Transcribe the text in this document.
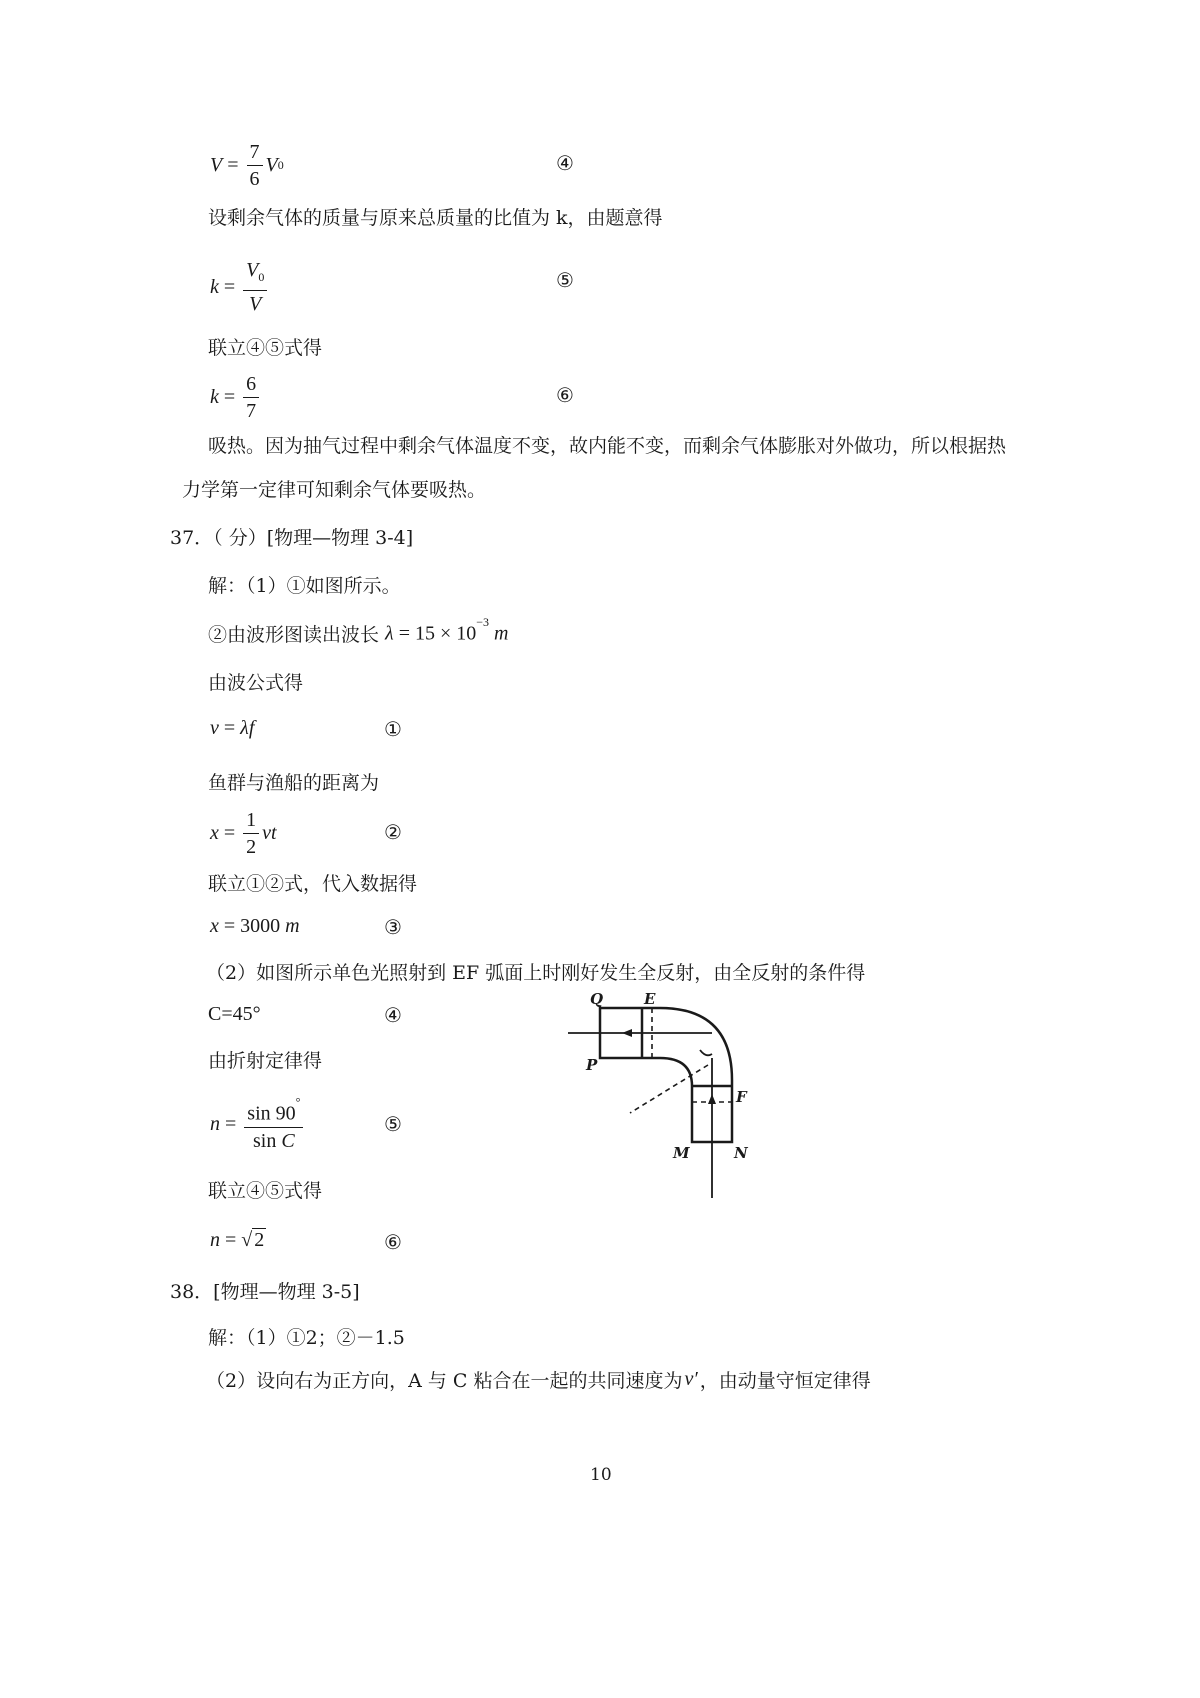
$V = \frac{7}{6}$ V 0	④
设剩余气体的质量与原来总质量的比值为 k，由题意得
$k = \frac{V_0}{V}$	⑤
联立④⑤式得
$k = \frac{6}{7}$	⑥
吸热。因为抽气过程中剩余气体温度不变，故内能不变，而剩余气体膨胀对外做功，所以根据热力学第一定律可知剩余气体要吸热。
37．（ 分）[物理—物理 3-4]
解：（1）①如图所示。
②由波形图读出波长 $\lambda = 15 \times 10^{-3}$ m
由波公式得
v = λf	①
鱼群与渔船的距离为
$x = \frac{1}{2}$ vt	②
联立①②式，代入数据得
x = 3000 m	③
（2）如图所示单色光照射到 EF 弧面上时刚好发生全反射，由全反射的条件得
C=45°	④
由折射定律得
$n = \frac{\sin 90^\circ}{\text{sin C}}$	⑤
联立④⑤式得
n = √ 2	⑥
Q	E
P
F
M	N
38．[物理—物理 3-5]
解：（1）①2；②－1.5
（2）设向右为正方向，A 与 C 粘合在一起的共同速度为 v′ ，由动量守恒定律得
10
